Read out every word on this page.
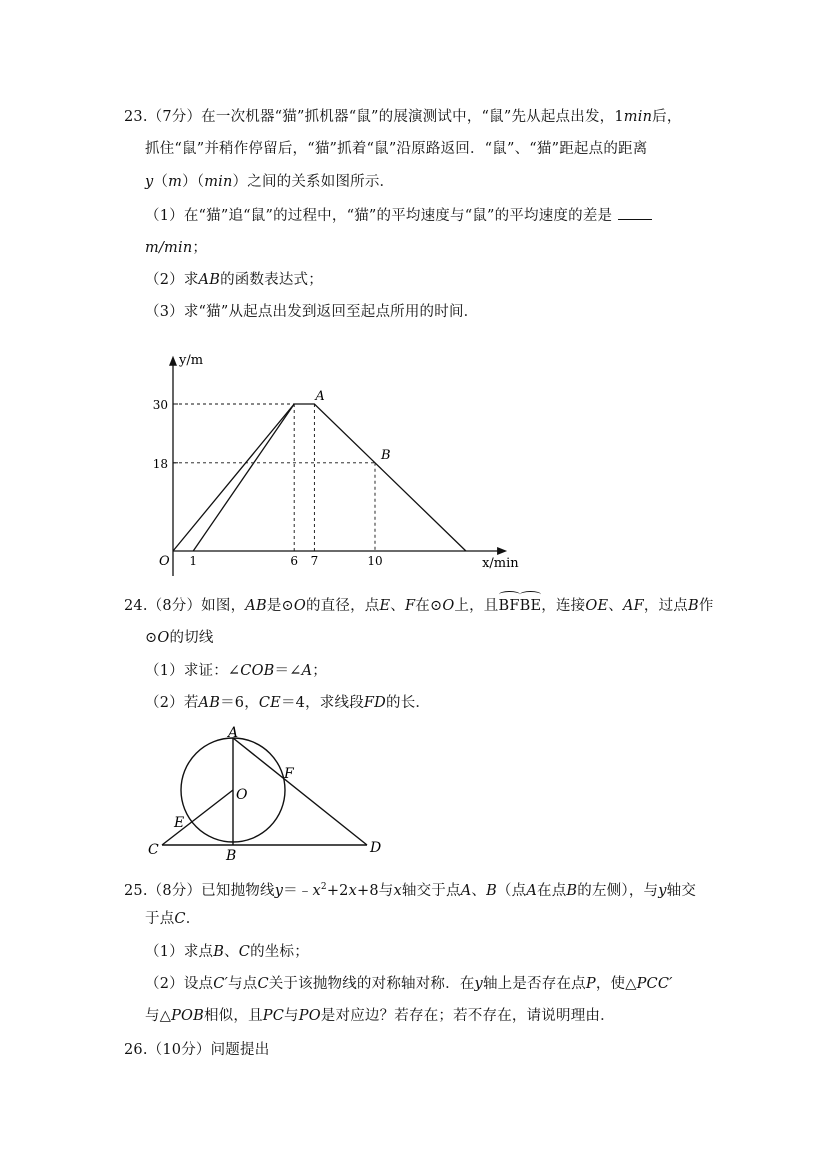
23.（7分）在一次机器“猫”抓机器“鼠”的展演测试中，“鼠”先从起点出发，1min后，
抓住“鼠”并稍作停留后，“猫”抓着“鼠”沿原路返回．“鼠”、“猫”距起点的距离
y（m）（min）之间的关系如图所示．
（1）在“猫”追“鼠”的过程中，“猫”的平均速度与“鼠”的平均速度的差是
m/min；
（2）求AB的函数表达式；
（3）求“猫”从起点出发到返回至起点所用的时间．
y/m
x/min
O 1	6 7	10
30
18
A
B
24.（8分）如图，AB是⊙O的直径，点E、F在⊙O上，且BFBE，连接OE、AF，过点B作
⊙O的切线
（1）求证：∠COB＝∠A；
（2）若AB＝6，CE＝4，求线段FD的长．
A
F
O
E
C	B	D
25.（8分）已知抛物线$y=﹣x^2+2x+8$与x轴交于点A、B（点A在点B的左侧），与y轴交
于点C．
（1）求点B、C的坐标；
（2）设点C′与点C关于该抛物线的对称轴对称．在y轴上是否存在点P，使△PCC′
与△POB相似，且PC与PO是对应边？若存在；若不存在，请说明理由．
26.（10分）问题提出
